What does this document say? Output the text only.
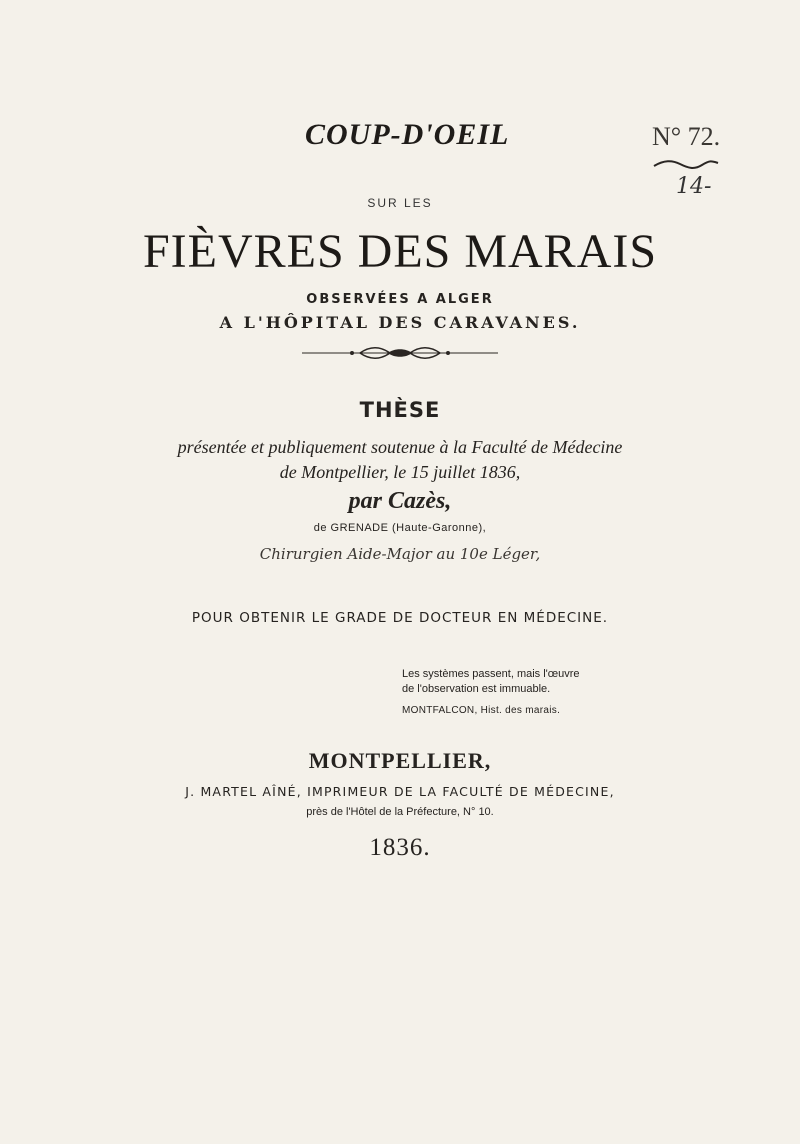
COUP-D'OEIL	N° 72.
14-
SUR LES
FIÈVRES DES MARAIS
OBSERVÉES A ALGER
A L'HÔPITAL DES CARAVANES.
THÈSE
présentée et publiquement soutenue à la Faculté de Médecine
de Montpellier, le 15 juillet 1836,
par Cazès,
de GRENADE (Haute-Garonne),
Chirurgien Aide-Major au 10e Léger,
POUR OBTENIR LE GRADE DE DOCTEUR EN MÉDECINE.
Les systèmes passent, mais l'œuvre
de l'observation est immuable.
MONTFALCON, Hist. des marais.
MONTPELLIER,
J. MARTEL AÎNÉ, IMPRIMEUR DE LA FACULTÉ DE MÉDECINE,
près de l'Hôtel de la Préfecture, N° 10.
1836.
